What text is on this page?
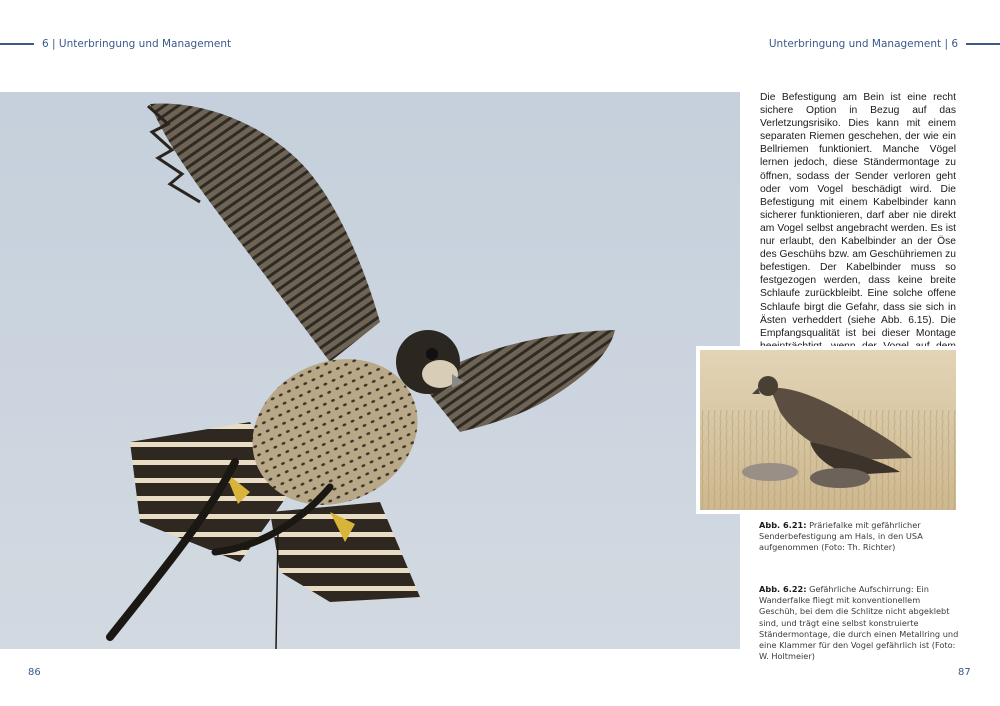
6 | Unterbringung und Management	Unterbringung und Management | 6
Die Befestigung am Bein ist eine recht sichere Option in Bezug auf das Verletzungsrisiko. Dies kann mit einem separaten Riemen geschehen, der wie ein Bellriemen funktioniert. Manche Vögel lernen jedoch, diese Ständermontage zu öffnen, sodass der Sender verloren geht oder vom Vogel beschädigt wird. Die Befestigung mit einem Kabelbinder kann sicherer funktionieren, darf aber nie direkt am Vogel selbst angebracht werden. Es ist nur erlaubt, den Kabelbinder an der Öse des Geschühs bzw. am Geschühriemen zu befestigen. Der Kabelbinder muss so festgezogen werden, dass keine breite Schlaufe zurückbleibt. Eine solche offene Schlaufe birgt die Gefahr, dass sie sich in Ästen verheddert (siehe Abb. 6.15). Die Empfangsqualität ist bei dieser Montage
Abb. 6.21: Präriefalke mit gefährlicher Senderbefestigung am Hals, in den USA aufgenommen (Foto: Th. Richter)
Abb. 6.22: Gefährliche Aufschirrung: Ein Wanderfalke fliegt mit konventionellem Geschüh, bei dem die Schlitze nicht abgeklebt sind, und trägt eine selbst konstruierte Ständermontage, die durch einen Metallring und eine Klammer für den Vogel gefährlich ist (Foto: W. Holtmeier)
86	87
